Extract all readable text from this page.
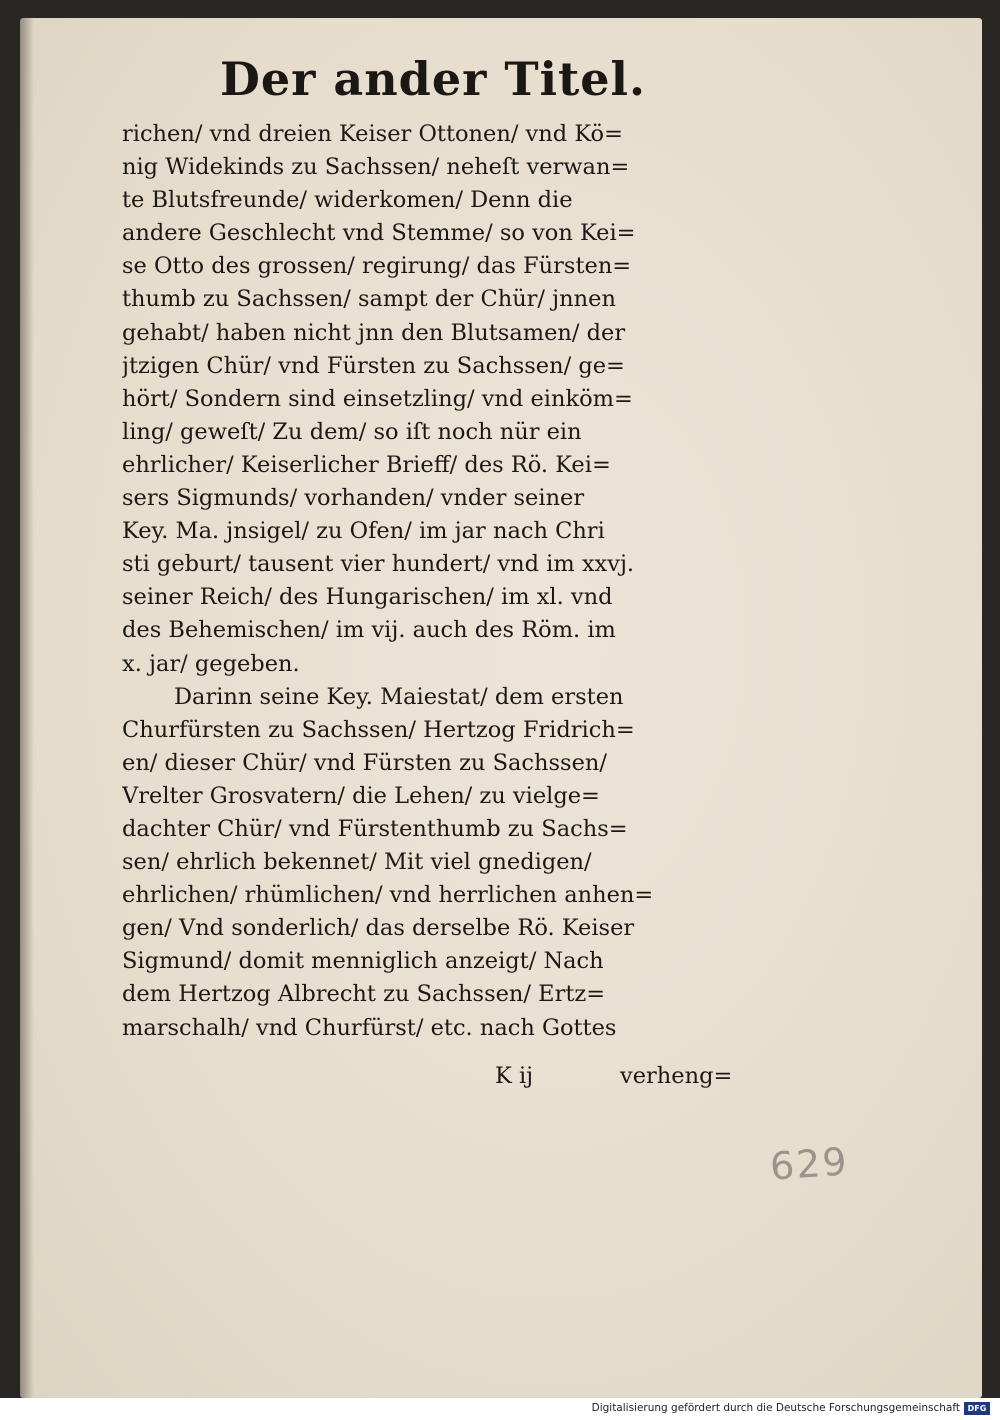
Der ander Titel.
richen/ vnd dreien Keiser Ottonen/ vnd Kö=
nig Widekinds zu Sachssen/ neheſt verwan=
te Blutsfreunde/ widerkomen/ Denn die
andere Geschlecht vnd Stemme/ so von Kei=
se Otto des grossen/ regirung/ das Fürsten=
thumb zu Sachssen/ sampt der Chür/ jnnen
gehabt/ haben nicht jnn den Blutsamen/ der
jtzigen Chür/ vnd Fürsten zu Sachssen/ ge=
hört/ Sondern sind einsetzling/ vnd einköm=
ling/ geweſt/ Zu dem/ so iſt noch nür ein
ehrlicher/ Keiserlicher Brieff/ des Rö. Kei=
sers Sigmunds/ vorhanden/ vnder seiner
Key. Ma. jnsigel/ zu Ofen/ im jar nach Chri
sti geburt/ tausent vier hundert/ vnd im xxvj.
seiner Reich/ des Hungarischen/ im xl. vnd
des Behemischen/ im vij. auch des Röm. im
x. jar/ gegeben.
Darinn seine Key. Maiestat/ dem ersten
Churfürsten zu Sachssen/ Hertzog Fridrich=
en/ dieser Chür/ vnd Fürsten zu Sachssen/
Vrelter Grosvatern/ die Lehen/ zu vielge=
dachter Chür/ vnd Fürstenthumb zu Sachs=
sen/ ehrlich bekennet/ Mit viel gnedigen/
ehrlichen/ rhümlichen/ vnd herrlichen anhen=
gen/ Vnd sonderlich/ das derselbe Rö. Keiser
Sigmund/ domit menniglich anzeigt/ Nach
dem Hertzog Albrecht zu Sachssen/ Ertz=
marschalh/ vnd Churfürst/ etc. nach Gottes
K ij	verheng=
629
Digitalisierung gefördert durch die Deutsche Forschungsgemeinschaft DFG
